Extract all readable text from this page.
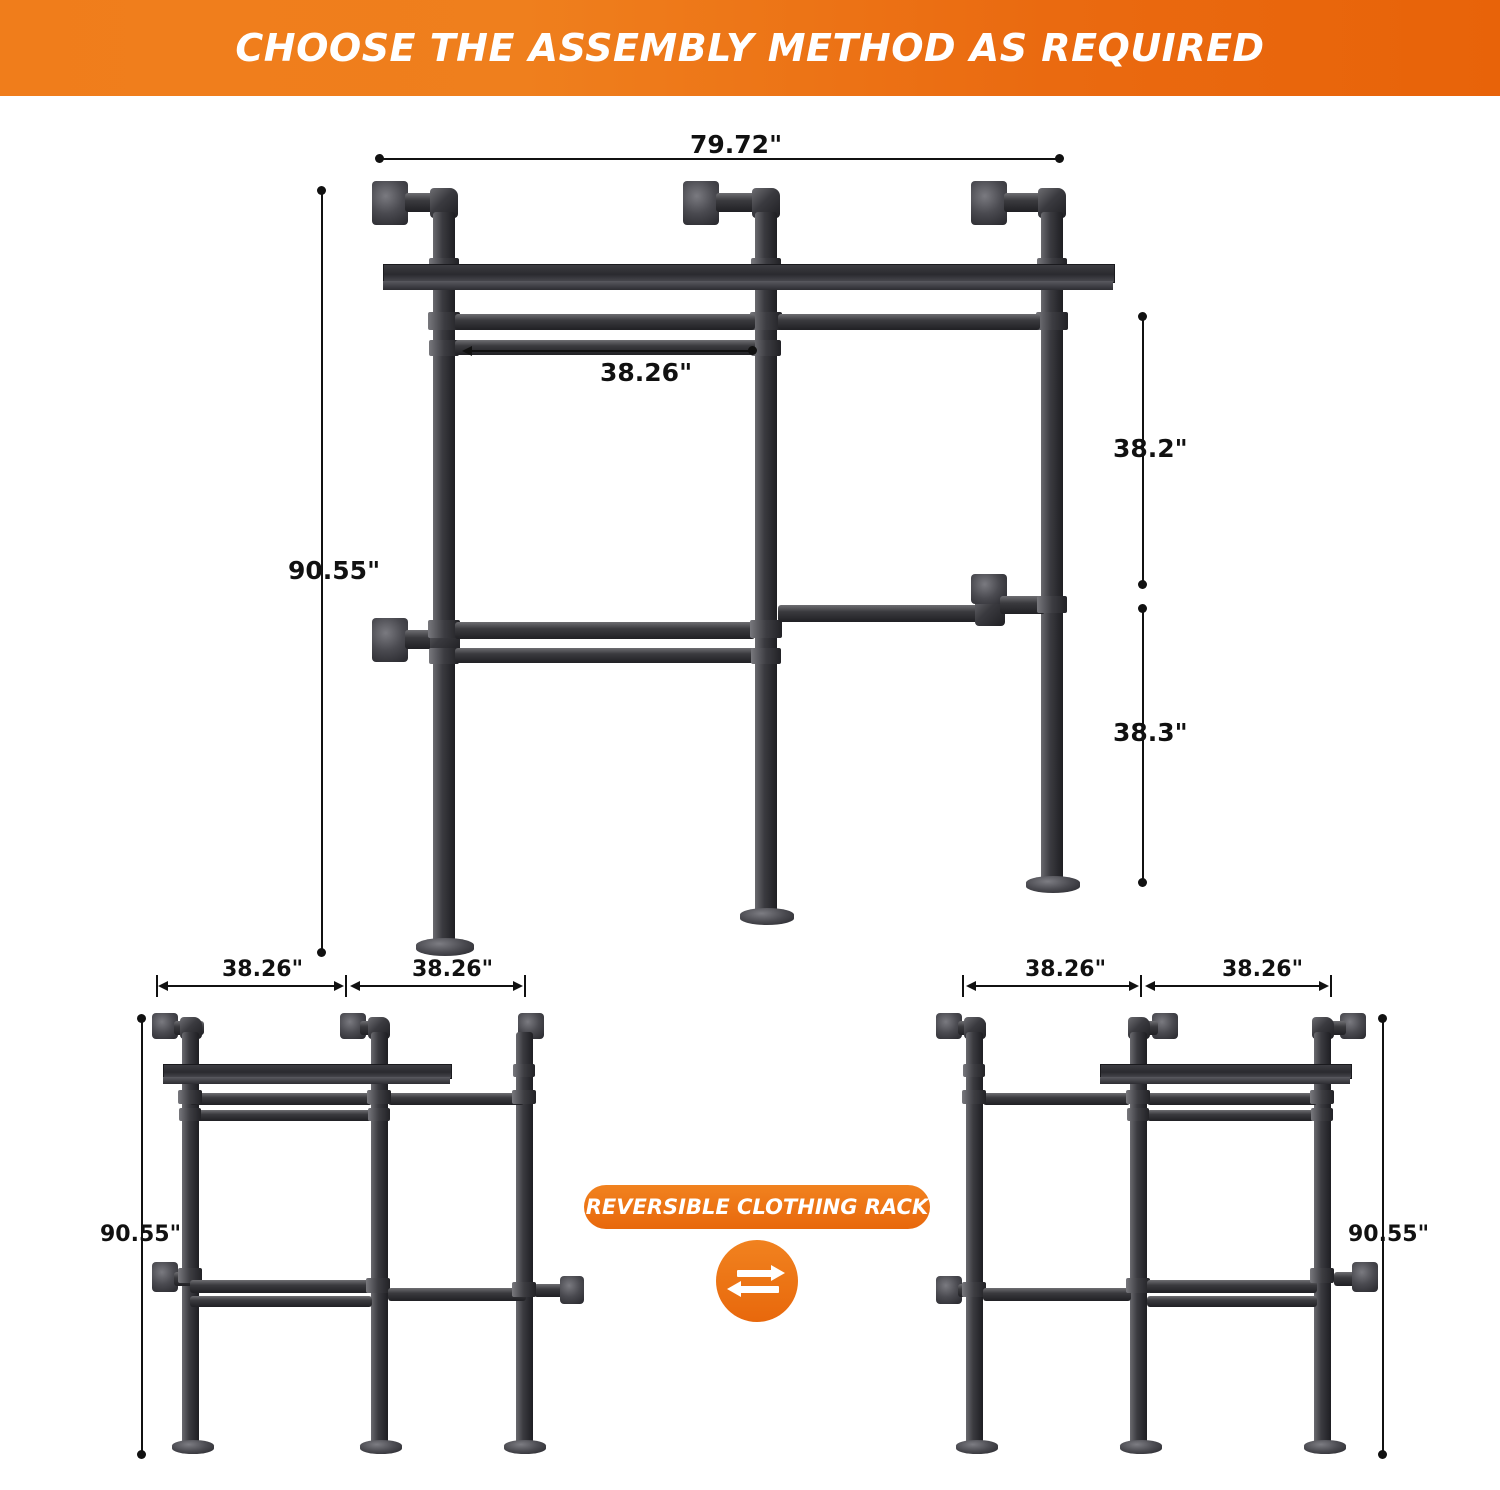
CHOOSE THE ASSEMBLY METHOD AS REQUIRED
79.72"
38.26"
90.55"
38.2"
38.3"
38.26"	38.26"
90.55"
38.26"	38.26"
90.55"
REVERSIBLE CLOTHING RACK
